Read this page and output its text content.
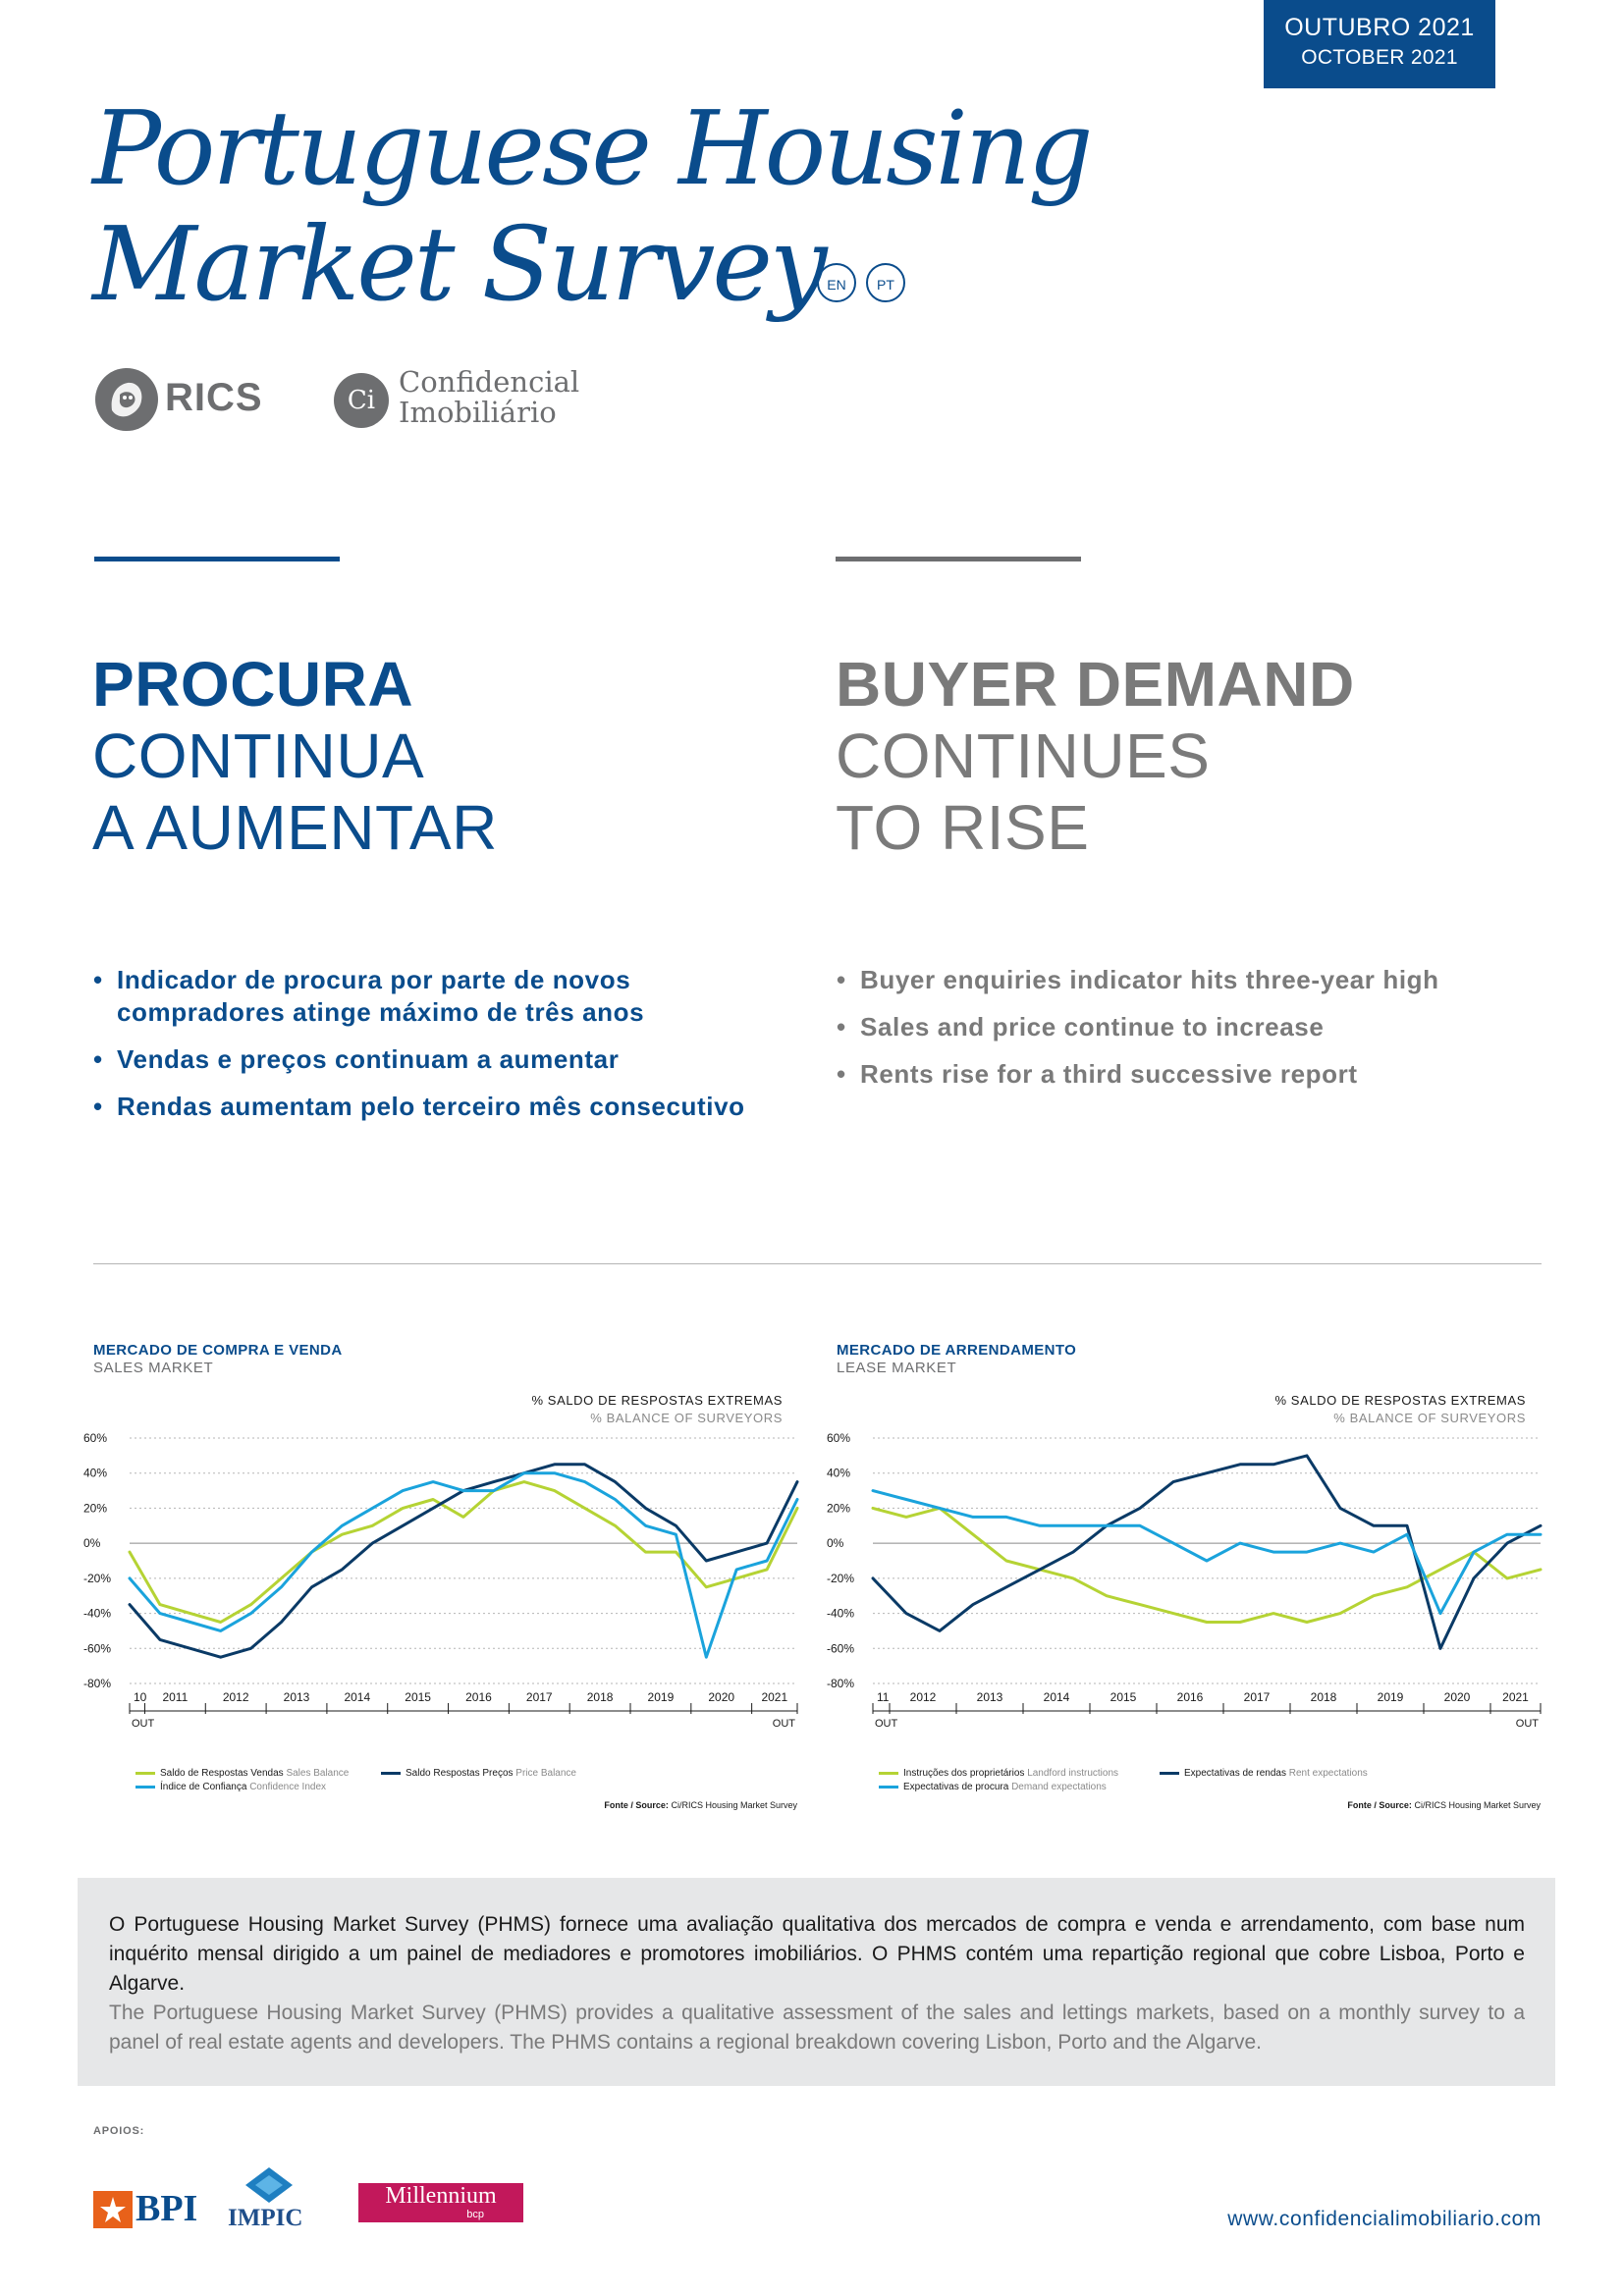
OUTUBRO 2021
OCTOBER 2021
Portuguese Housing
Market Survey EN	PT
RICS	Ci
Confidencial
Imobiliário
PROCURA
CONTINUA
A AUMENTAR
BUYER DEMAND
CONTINUES
TO RISE
• Indicador de procura por parte de novos compradores atinge máximo de três anos
• Vendas e preços continuam a aumentar
• Rendas aumentam pelo terceiro mês consecutivo
• Buyer enquiries indicator hits three-year high
• Sales and price continue to increase
• Rents rise for a third successive report
MERCADO DE COMPRA E VENDA
SALES MARKET
% SALDO DE RESPOSTAS EXTREMAS
% BALANCE OF SURVEYORS
60%
40%
20%
0%
-20%
-40%
-60%
-80%
10 2011	2012	2013	2014	2015	2016	2017	2018	2019	2020 2021
OUT	OUT
Saldo de Respostas Vendas Sales Balance	Saldo Respostas Preços Price Balance
Índice de Confiança Confidence Index
Fonte / Source: Ci/RICS Housing Market Survey
MERCADO DE ARRENDAMENTO
LEASE MARKET
% SALDO DE RESPOSTAS EXTREMAS
% BALANCE OF SURVEYORS
60%
40%
20%
0%
-20%
-40%
-60%
-80%
11 2012	2013	2014	2015	2016	2017	2018	2019	2020	2021
OUT	OUT
Instruções dos proprietários Landford instructions	Expectativas de rendas Rent expectations
Expectativas de procura Demand expectations
Fonte / Source: Ci/RICS Housing Market Survey
O Portuguese Housing Market Survey (PHMS) fornece uma avaliação qualitativa dos mercados de compra e venda e arrendamento, com base num inquérito mensal dirigido a um painel de mediadores e promotores imobiliários. O PHMS contém uma repartição regional que cobre Lisboa, Porto e Algarve.
The Portuguese Housing Market Survey (PHMS) provides a qualitative assessment of the sales and lettings markets, based on a monthly survey to a panel of real estate agents and developers. The PHMS contains a regional breakdown covering Lisbon, Porto and the Algarve.
APOIOS:
BPI IMPIC
Millennium
bcp	www.confidencialimobiliario.com
